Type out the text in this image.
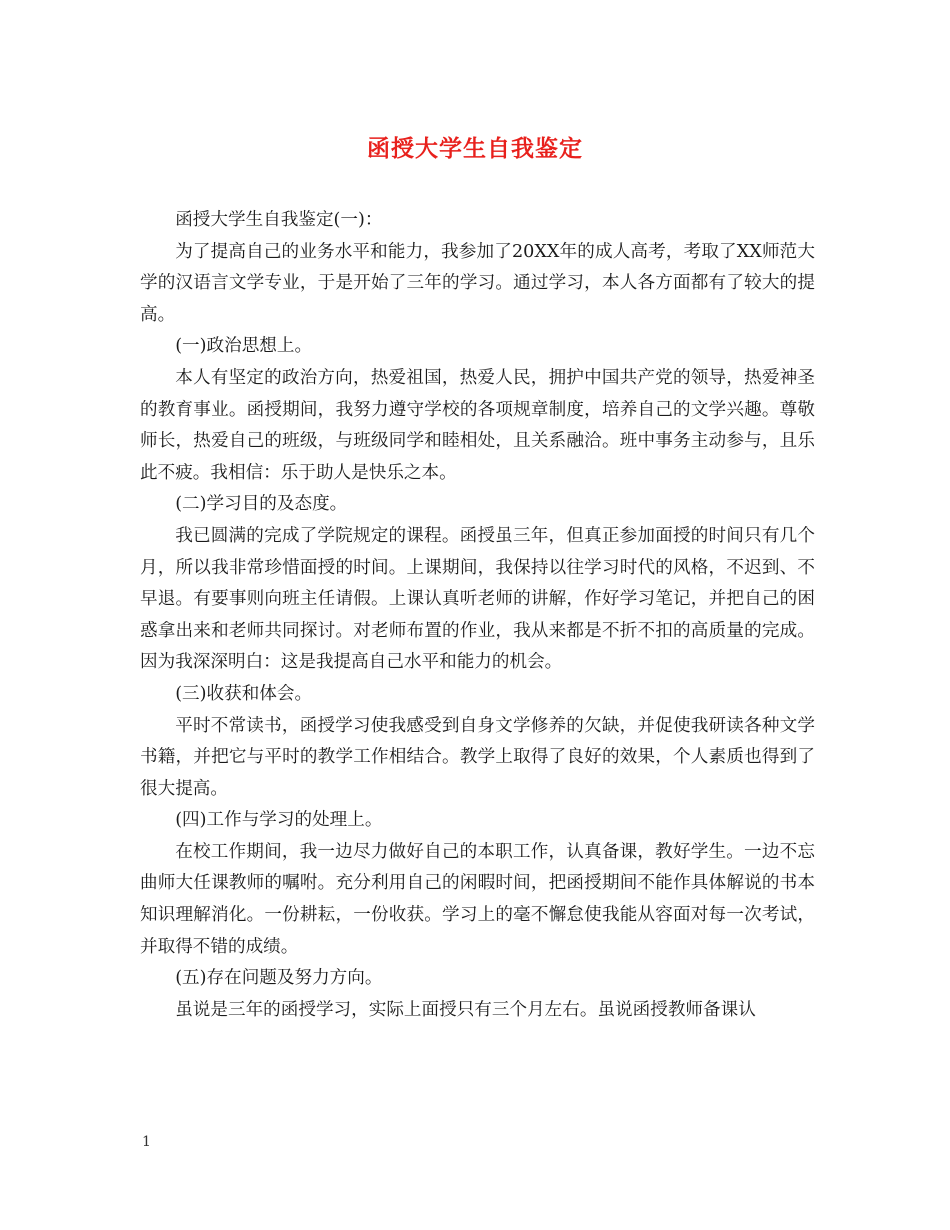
函授大学生自我鉴定

函授大学生自我鉴定(一)：

为了提高自己的业务水平和能力，我参加了20XX年的成人高考，考取了XX师范大学的汉语言文学专业，于是开始了三年的学习。通过学习，本人各方面都有了较大的提高。

(一)政治思想上。

本人有坚定的政治方向，热爱祖国，热爱人民，拥护中国共产党的领导，热爱神圣的教育事业。函授期间，我努力遵守学校的各项规章制度，培养自己的文学兴趣。尊敬师长，热爱自己的班级，与班级同学和睦相处，且关系融洽。班中事务主动参与，且乐此不疲。我相信：乐于助人是快乐之本。

(二)学习目的及态度。

我已圆满的完成了学院规定的课程。函授虽三年，但真正参加面授的时间只有几个月，所以我非常珍惜面授的时间。上课期间，我保持以往学习时代的风格，不迟到、不早退。有要事则向班主任请假。上课认真听老师的讲解，作好学习笔记，并把自己的困惑拿出来和老师共同探讨。对老师布置的作业，我从来都是不折不扣的高质量的完成。因为我深深明白：这是我提高自己水平和能力的机会。

(三)收获和体会。

平时不常读书，函授学习使我感受到自身文学修养的欠缺，并促使我研读各种文学书籍，并把它与平时的教学工作相结合。教学上取得了良好的效果，个人素质也得到了很大提高。

(四)工作与学习的处理上。

在校工作期间，我一边尽力做好自己的本职工作，认真备课，教好学生。一边不忘曲师大任课教师的嘱咐。充分利用自己的闲暇时间，把函授期间不能作具体解说的书本知识理解消化。一份耕耘，一份收获。学习上的毫不懈怠使我能从容面对每一次考试，并取得不错的成绩。

(五)存在问题及努力方向。

虽说是三年的函授学习，实际上面授只有三个月左右。虽说函授教师备课认

1
